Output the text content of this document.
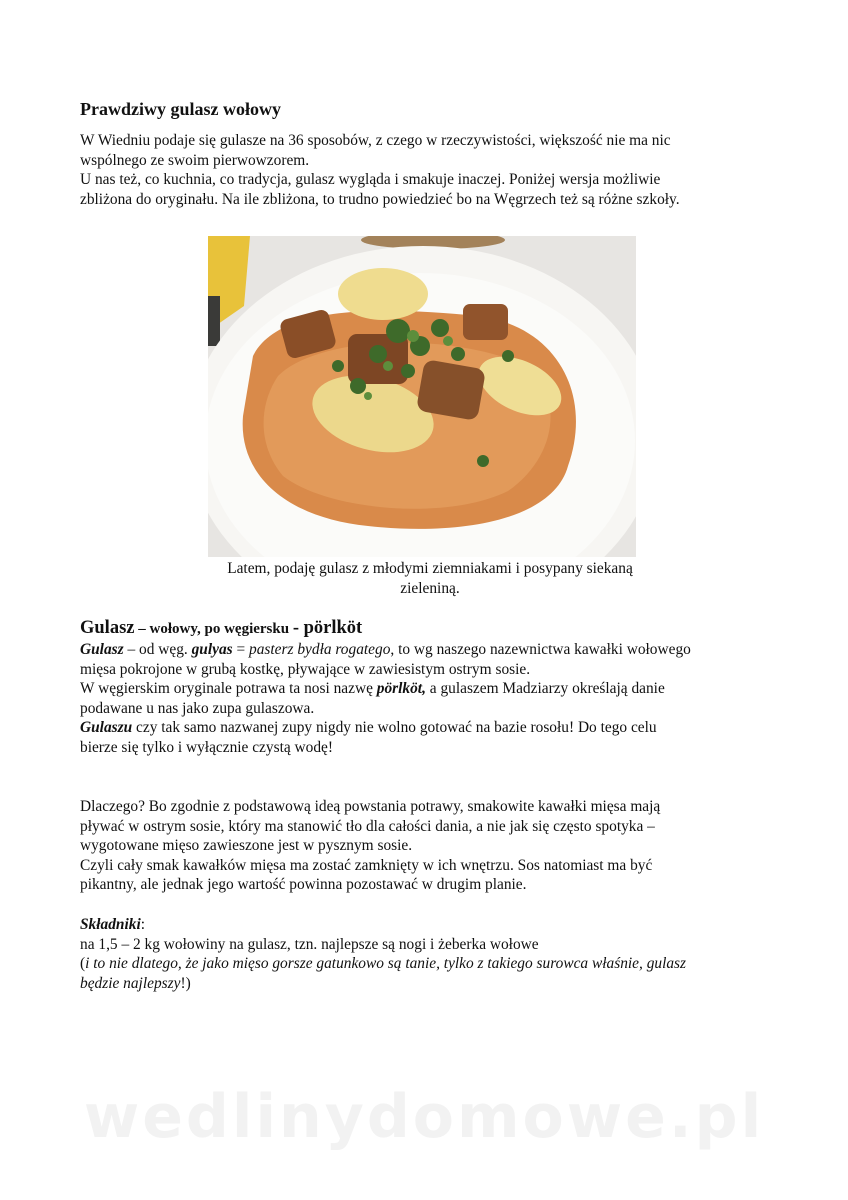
Prawdziwy gulasz wołowy

W Wiedniu podaje się gulasze na 36 sposobów, z czego w rzeczywistości, większość nie ma nic
wspólnego ze swoim pierwowzorem.
U nas też, co kuchnia, co tradycja, gulasz wygląda i smakuje inaczej. Poniżej wersja możliwie
zbliżona do oryginału. Na ile zbliżona, to trudno powiedzieć bo na Węgrzech też są różne szkoły.

Latem, podaję gulasz z młodymi ziemniakami i posypany siekaną
zieleniną.

Gulasz – wołowy, po węgiersku - pörlköt

Gulasz – od węg. gulyas = pasterz bydła rogatego, to wg naszego nazewnictwa kawałki wołowego
mięsa pokrojone w grubą kostkę, pływające w zawiesistym ostrym sosie.
W węgierskim oryginale potrawa ta nosi nazwę pörlköt, a gulaszem Madziarzy określają danie
podawane u nas jako zupa gulaszowa.
Gulaszu czy tak samo nazwanej zupy nigdy nie wolno gotować na bazie rosołu! Do tego celu
bierze się tylko i wyłącznie czystą wodę!

Dlaczego? Bo zgodnie z podstawową ideą powstania potrawy, smakowite kawałki mięsa mają
pływać w ostrym sosie, który ma stanowić tło dla całości dania, a nie jak się często spotyka –
wygotowane mięso zawieszone jest w pysznym sosie.
Czyli cały smak kawałków mięsa ma zostać zamknięty w ich wnętrzu. Sos natomiast ma być
pikantny, ale jednak jego wartość powinna pozostawać w drugim planie.

Składniki:
na 1,5 – 2 kg wołowiny na gulasz, tzn. najlepsze są nogi i żeberka wołowe
(i to nie dlatego, że jako mięso gorsze gatunkowo są tanie, tylko z takiego surowca właśnie, gulasz
będzie najlepszy!)

wedlinydomowe.pl
